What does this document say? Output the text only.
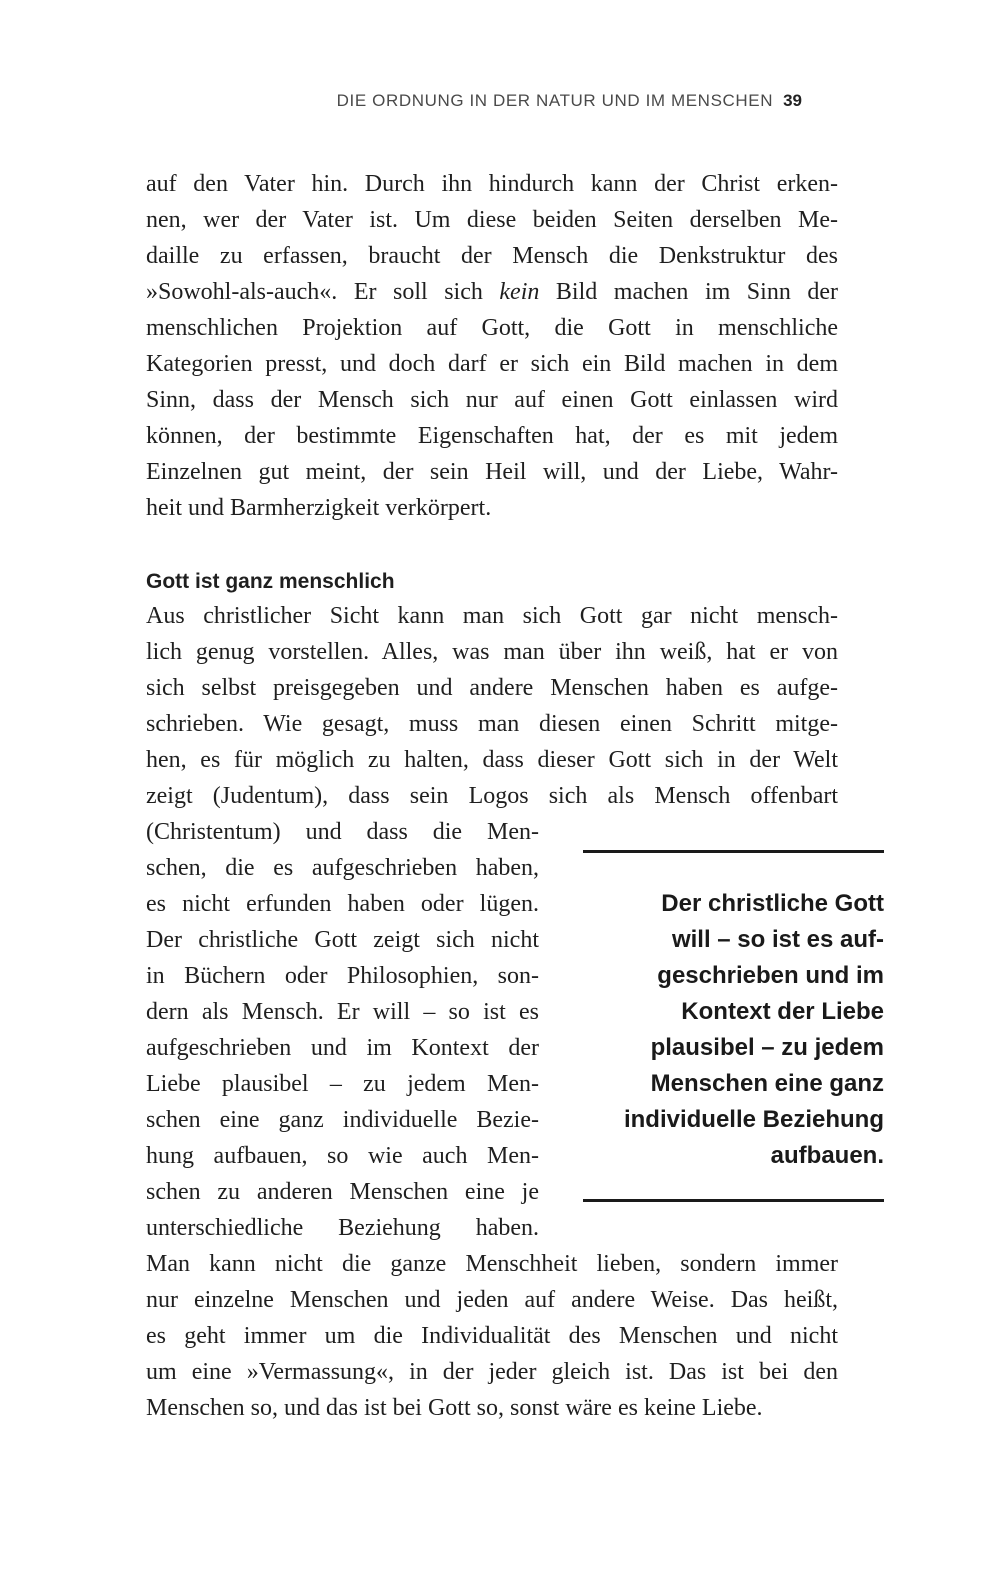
DIE ORDNUNG IN DER NATUR UND IM MENSCHEN 39
auf den Vater hin. Durch ihn hindurch kann der Christ erken-
nen, wer der Vater ist. Um diese beiden Seiten derselben Me-
daille zu erfassen, braucht der Mensch die Denkstruktur des
»Sowohl-als-auch«. Er soll sich kein Bild machen im Sinn der
menschlichen Projektion auf Gott, die Gott in menschliche
Kategorien presst, und doch darf er sich ein Bild machen in dem
Sinn, dass der Mensch sich nur auf einen Gott einlassen wird
können, der bestimmte Eigenschaften hat, der es mit jedem
Einzelnen gut meint, der sein Heil will, und der Liebe, Wahr-
heit und Barmherzigkeit verkörpert.
Gott ist ganz menschlich
Aus christlicher Sicht kann man sich Gott gar nicht mensch-
lich genug vorstellen. Alles, was man über ihn weiß, hat er von
sich selbst preisgegeben und andere Menschen haben es aufge-
schrieben. Wie gesagt, muss man diesen einen Schritt mitge-
hen, es für möglich zu halten, dass dieser Gott sich in der Welt
zeigt (Judentum), dass sein Logos sich als Mensch offenbart
(Christentum) und dass die Men-
schen, die es aufgeschrieben haben,
es nicht erfunden haben oder lügen.
Der christliche Gott zeigt sich nicht
in Büchern oder Philosophien, son-
dern als Mensch. Er will – so ist es
aufgeschrieben und im Kontext der
Liebe plausibel – zu jedem Men-
schen eine ganz individuelle Bezie-
hung aufbauen, so wie auch Men-
schen zu anderen Menschen eine je
unterschiedliche Beziehung haben.
Man kann nicht die ganze Menschheit lieben, sondern immer
nur einzelne Menschen und jeden auf andere Weise. Das heißt,
es geht immer um die Individualität des Menschen und nicht
um eine »Vermassung«, in der jeder gleich ist. Das ist bei den
Menschen so, und das ist bei Gott so, sonst wäre es keine Liebe.
Der christliche Gott
will – so ist es auf-
geschrieben und im
Kontext der Liebe
plausibel – zu jedem
Menschen eine ganz
individuelle Beziehung
aufbauen.
